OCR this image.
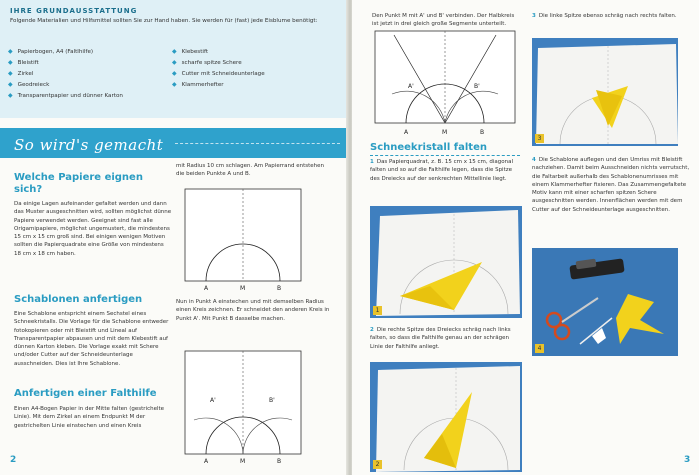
IHRE GRUNDAUSSTATTUNG
Folgende Materialien und Hilfsmittel sollten Sie zur Hand haben. Sie werden für (fast) jede Eisblume benötigt:
◆ Papierbogen, A4 (Faltlhilfe)
◆ Bleistift
◆ Zirkel
◆ Geodreieck
◆ Transparentpapier und dünner Karton
◆ Klebestift
◆ scharfe spitze Schere
◆ Cutter mit Schneideunterlage
◆ Klammerhefter
So wird's gemacht
Welche Papiere eignen sich?
Da einige Lagen aufeinander gefaltet werden und dann das Muster ausgeschnitten wird, sollten möglichst dünne Papiere verwendet werden. Geeignet sind fast alle Origamipapiere, möglichst ungemustert, die mindestens 15 cm x 15 cm groß sind. Bei einigen wenigen Motiven sollten die Papierquadrate eine Größe von mindestens 18 cm x 18 cm haben.
Schablonen anfertigen
Eine Schablone entspricht einem Sechstel eines Schneekristalls. Die Vorlage für die Schablone entweder fotokopieren oder mit Bleistift und Lineal auf Transparentpapier abpausen und mit dem Klebestift auf dünnen Karton kleben. Die Vorlage exakt mit Schere und/oder Cutter auf der Schneideunterlage ausschneiden. Dies ist Ihre Schablone.
Anfertigen einer Falthilfe
Einen A4-Bogen Papier in der Mitte falten (gestrichelte Linie). Mit dem Zirkel an einem Endpunkt M der gestrichelten Linie einstechen und einen Kreis
2
mit Radius 10 cm schlagen. Am Papierrand entstehen die beiden Punkte A und B.
A	M	B
Nun in Punkt A einstechen und mit demselben Radius einen Kreis zeichnen. Er schneidet den anderen Kreis in Punkt A'. Mit Punkt B dasselbe machen.
A'	B'
A	M	B
Den Punkt M mit A' und B' verbinden. Der Halbkreis ist jetzt in drei gleich große Segmente unterteilt.
A'	B'
A	M	B
Schneekristall falten
1 Das Papierquadrat, z. B. 15 cm x 15 cm, diagonal falten und so auf die Falthilfe legen, dass die Spitze des Dreiecks auf der senkrechten Mittellinie liegt.
1
2 Die rechte Spitze des Dreiecks schräg nach links falten, so dass die Falthilfe genau an der schrägen Linie der Falthilfe anliegt.
2
3 Die linke Spitze ebenso schräg nach rechts falten.
3
4 Die Schablone auflegen und den Umriss mit Bleistift nachziehen. Damit beim Ausschneiden nichts verrutscht, die Faltarbeit außerhalb des Schablonenumrisses mit einem Klammerhefter fixieren. Das Zusammengefaltete Motiv kann mit einer scharfen spitzen Schere ausgeschnitten werden. Innenflächen werden mit dem Cutter auf der Schneideunterlage ausgeschnitten.
4
3
